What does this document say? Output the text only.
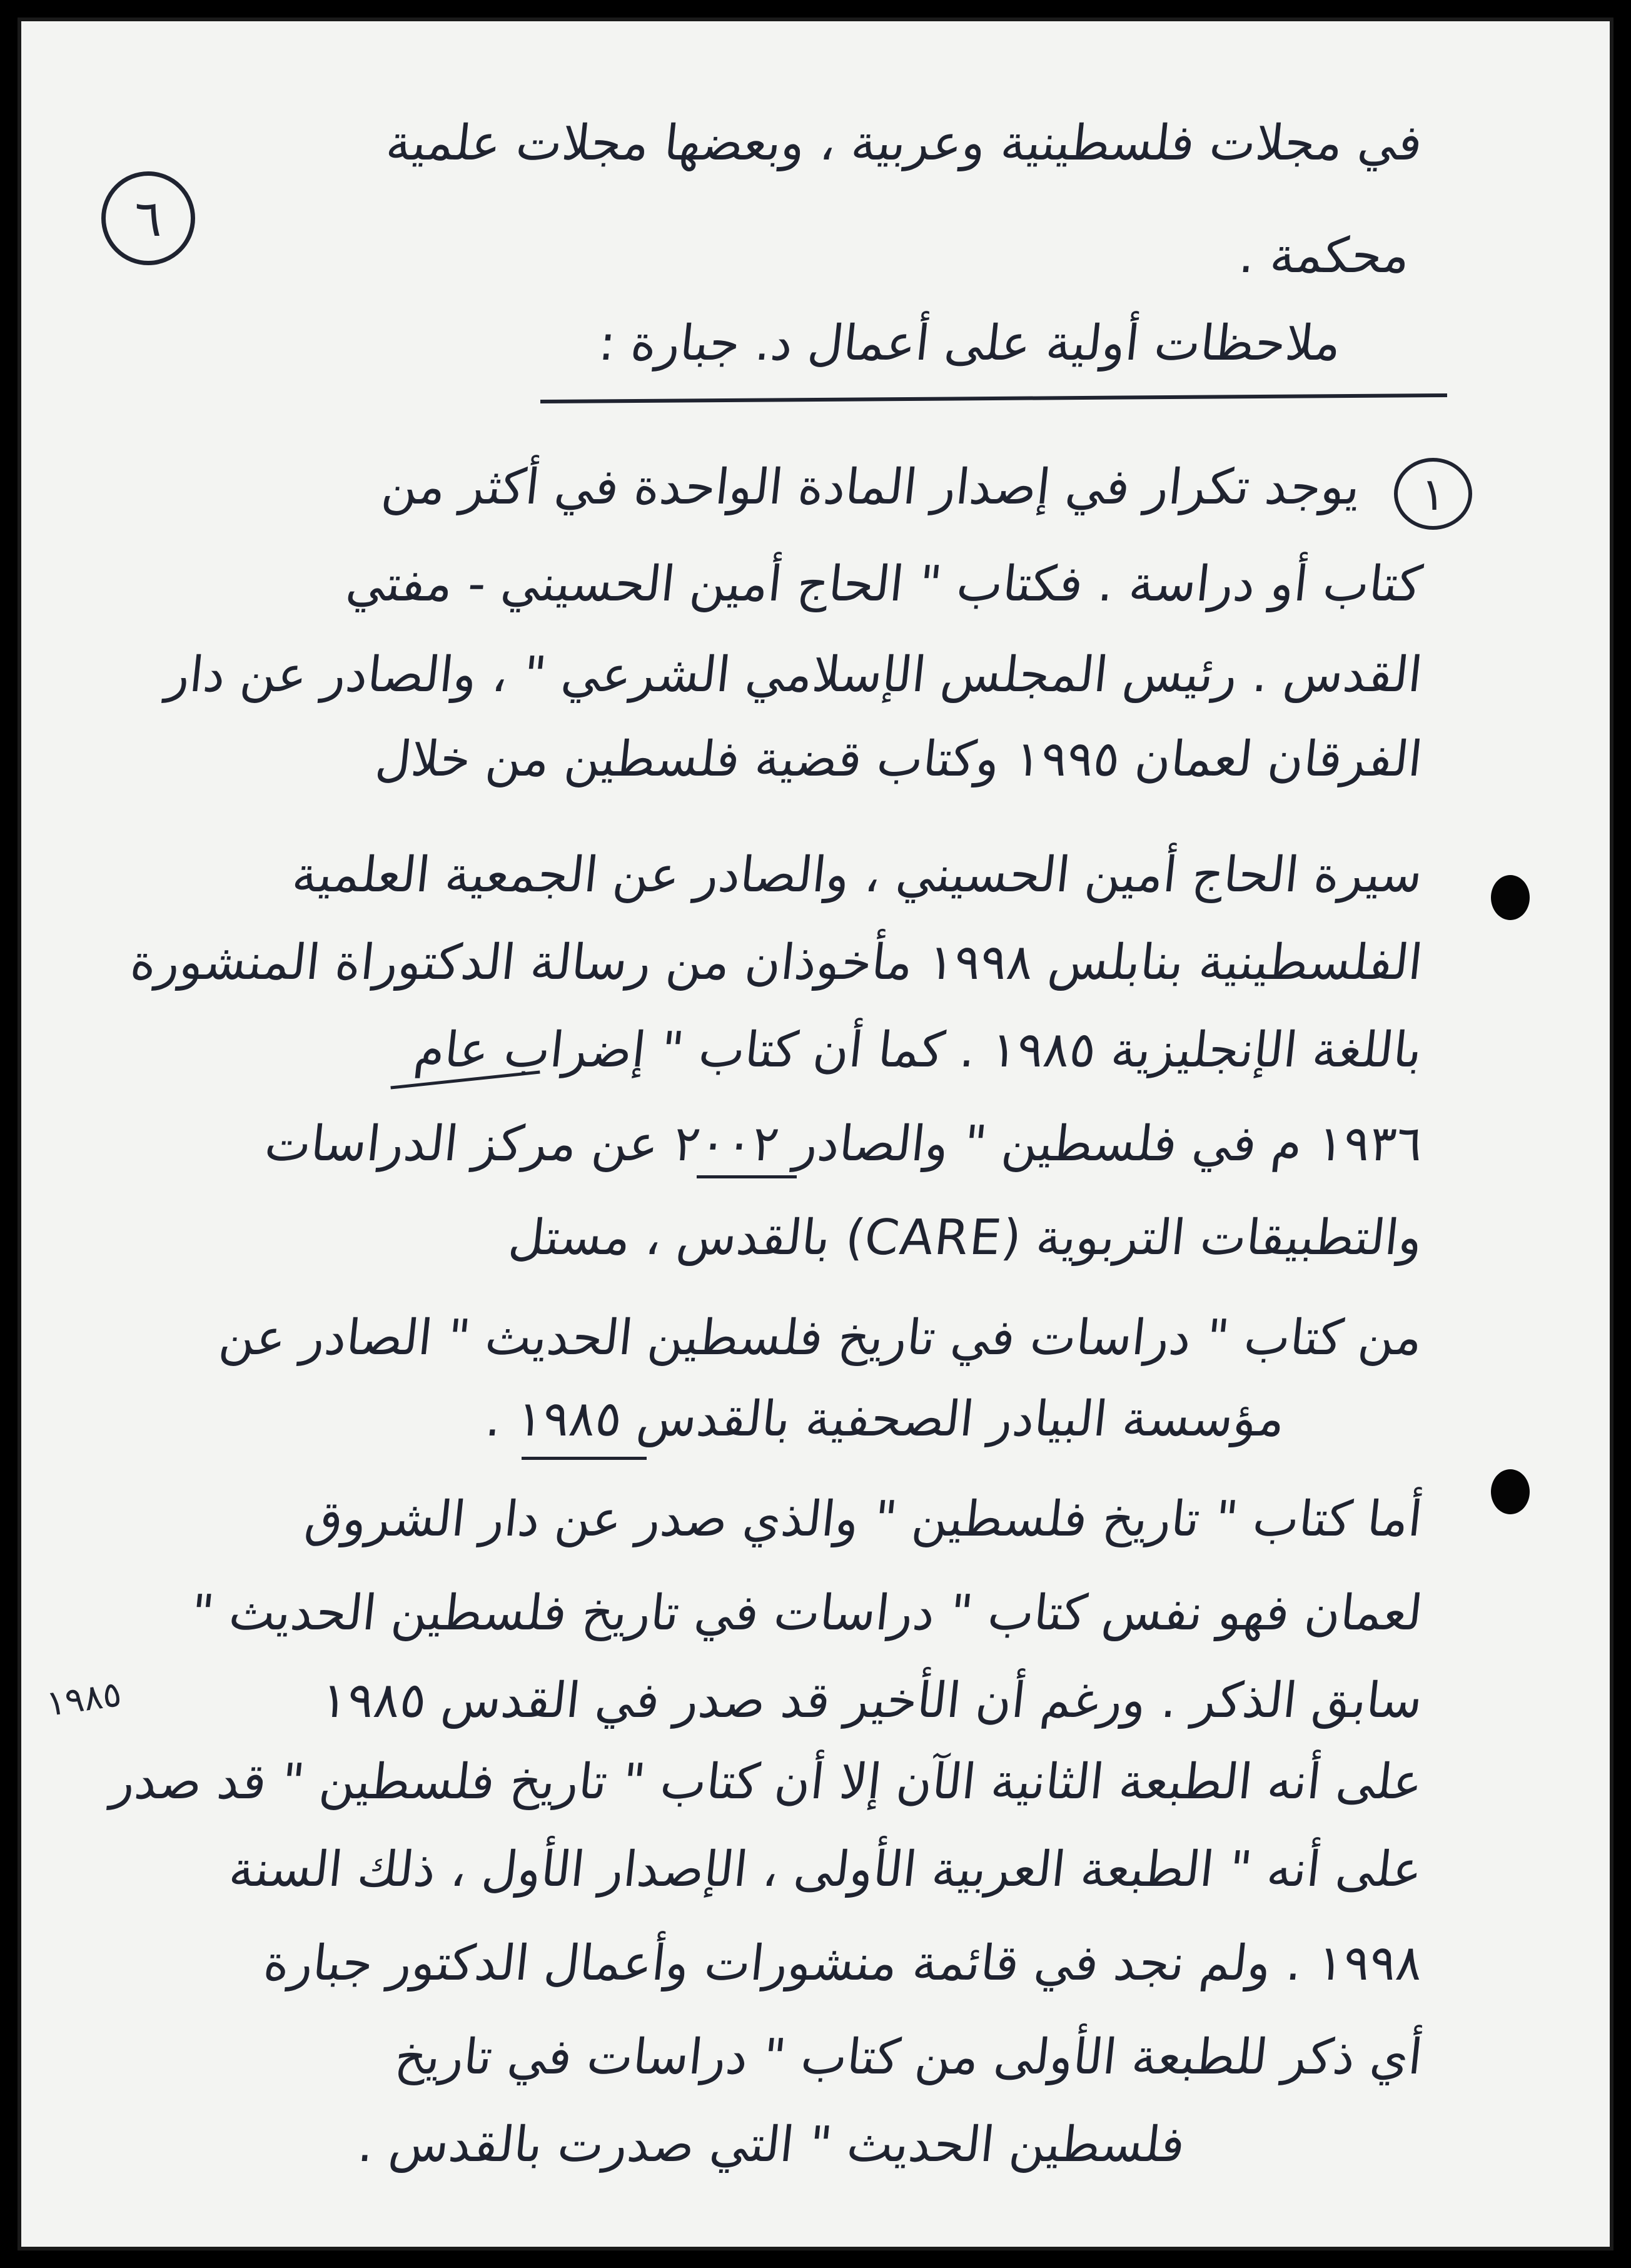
٦
في مجلات فلسطينية وعربية ، وبعضها مجلات علمية
محكمة .
ملاحظات أولية على أعمال د. جبارة :
١
يوجد تكرار في إصدار المادة الواحدة في أكثر من
كتاب أو دراسة . فكتاب " الحاج أمين الحسيني - مفتي
القدس . رئيس المجلس الإسلامي الشرعي " ، والصادر عن دار
الفرقان لعمان ١٩٩٥ وكتاب قضية فلسطين من خلال
سيرة الحاج أمين الحسيني ، والصادر عن الجمعية العلمية
الفلسطينية بنابلس ١٩٩٨ مأخوذان من رسالة الدكتوراة المنشورة
باللغة الإنجليزية ١٩٨٥ . كما أن كتاب " إضراب عام
١٩٣٦ م في فلسطين " والصادر ٢٠٠٢ عن مركز الدراسات
والتطبيقات التربوية (CARE) بالقدس ، مستل
من كتاب " دراسات في تاريخ فلسطين الحديث " الصادر عن
مؤسسة البيادر الصحفية بالقدس ١٩٨٥ .
أما كتاب " تاريخ فلسطين " والذي صدر عن دار الشروق
لعمان فهو نفس كتاب " دراسات في تاريخ فلسطين الحديث "
سابق الذكر . ورغم أن الأخير قد صدر في القدس ١٩٨٥
على أنه الطبعة الثانية الآن إلا أن كتاب " تاريخ فلسطين " قد صدر
على أنه " الطبعة العربية الأولى ، الإصدار الأول ، ذلك السنة
١٩٩٨ . ولم نجد في قائمة منشورات وأعمال الدكتور جبارة
أي ذكر للطبعة الأولى من كتاب " دراسات في تاريخ
فلسطين الحديث " التي صدرت بالقدس .
١٩٨٥
